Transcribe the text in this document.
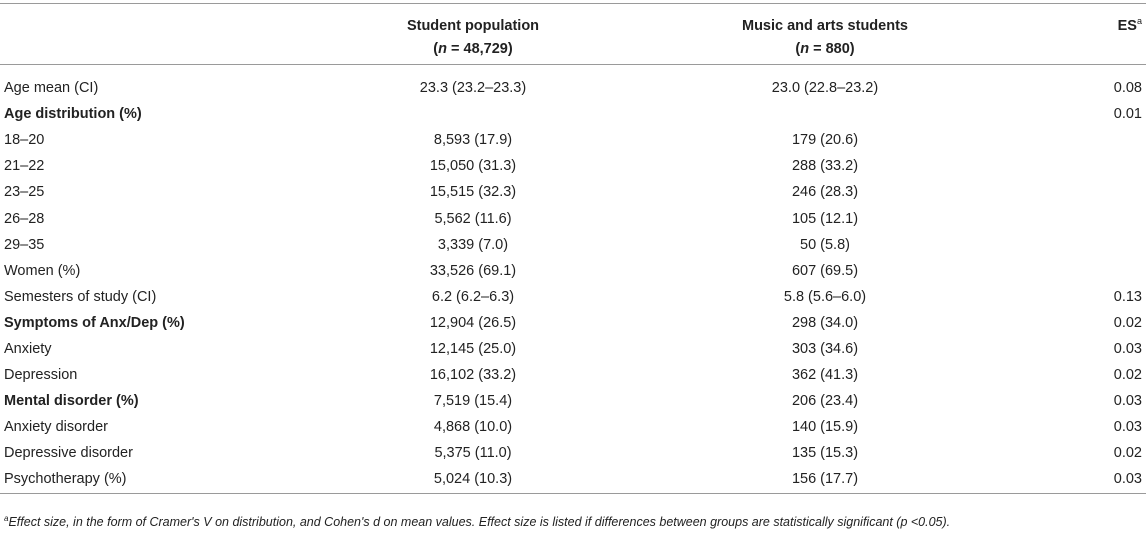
	Student population	Music and arts students	$ES^a$
	(n = 48,729)	(n = 880)	
Age mean (CI)	23.3 (23.2–23.3)	23.0 (22.8–23.2)	0.08
Age distribution (%)			0.01
18–20	8,593 (17.9)	179 (20.6)	
21–22	15,050 (31.3)	288 (33.2)	
23–25	15,515 (32.3)	246 (28.3)	
26–28	5,562 (11.6)	105 (12.1)	
29–35	3,339 (7.0)	50 (5.8)	
Women (%)	33,526 (69.1)	607 (69.5)	
Semesters of study (CI)	6.2 (6.2–6.3)	5.8 (5.6–6.0)	0.13
Symptoms of Anx/Dep (%)	12,904 (26.5)	298 (34.0)	0.02
Anxiety	12,145 (25.0)	303 (34.6)	0.03
Depression	16,102 (33.2)	362 (41.3)	0.02
Mental disorder (%)	7,519 (15.4)	206 (23.4)	0.03
Anxiety disorder	4,868 (10.0)	140 (15.9)	0.03
Depressive disorder	5,375 (11.0)	135 (15.3)	0.02
Psychotherapy (%)	5,024 (10.3)	156 (17.7)	0.03
$^a$Effect size, in the form of Cramer's V on distribution, and Cohen's d on mean values. Effect size is listed if differences between groups are statistically significant (p <0.05).
